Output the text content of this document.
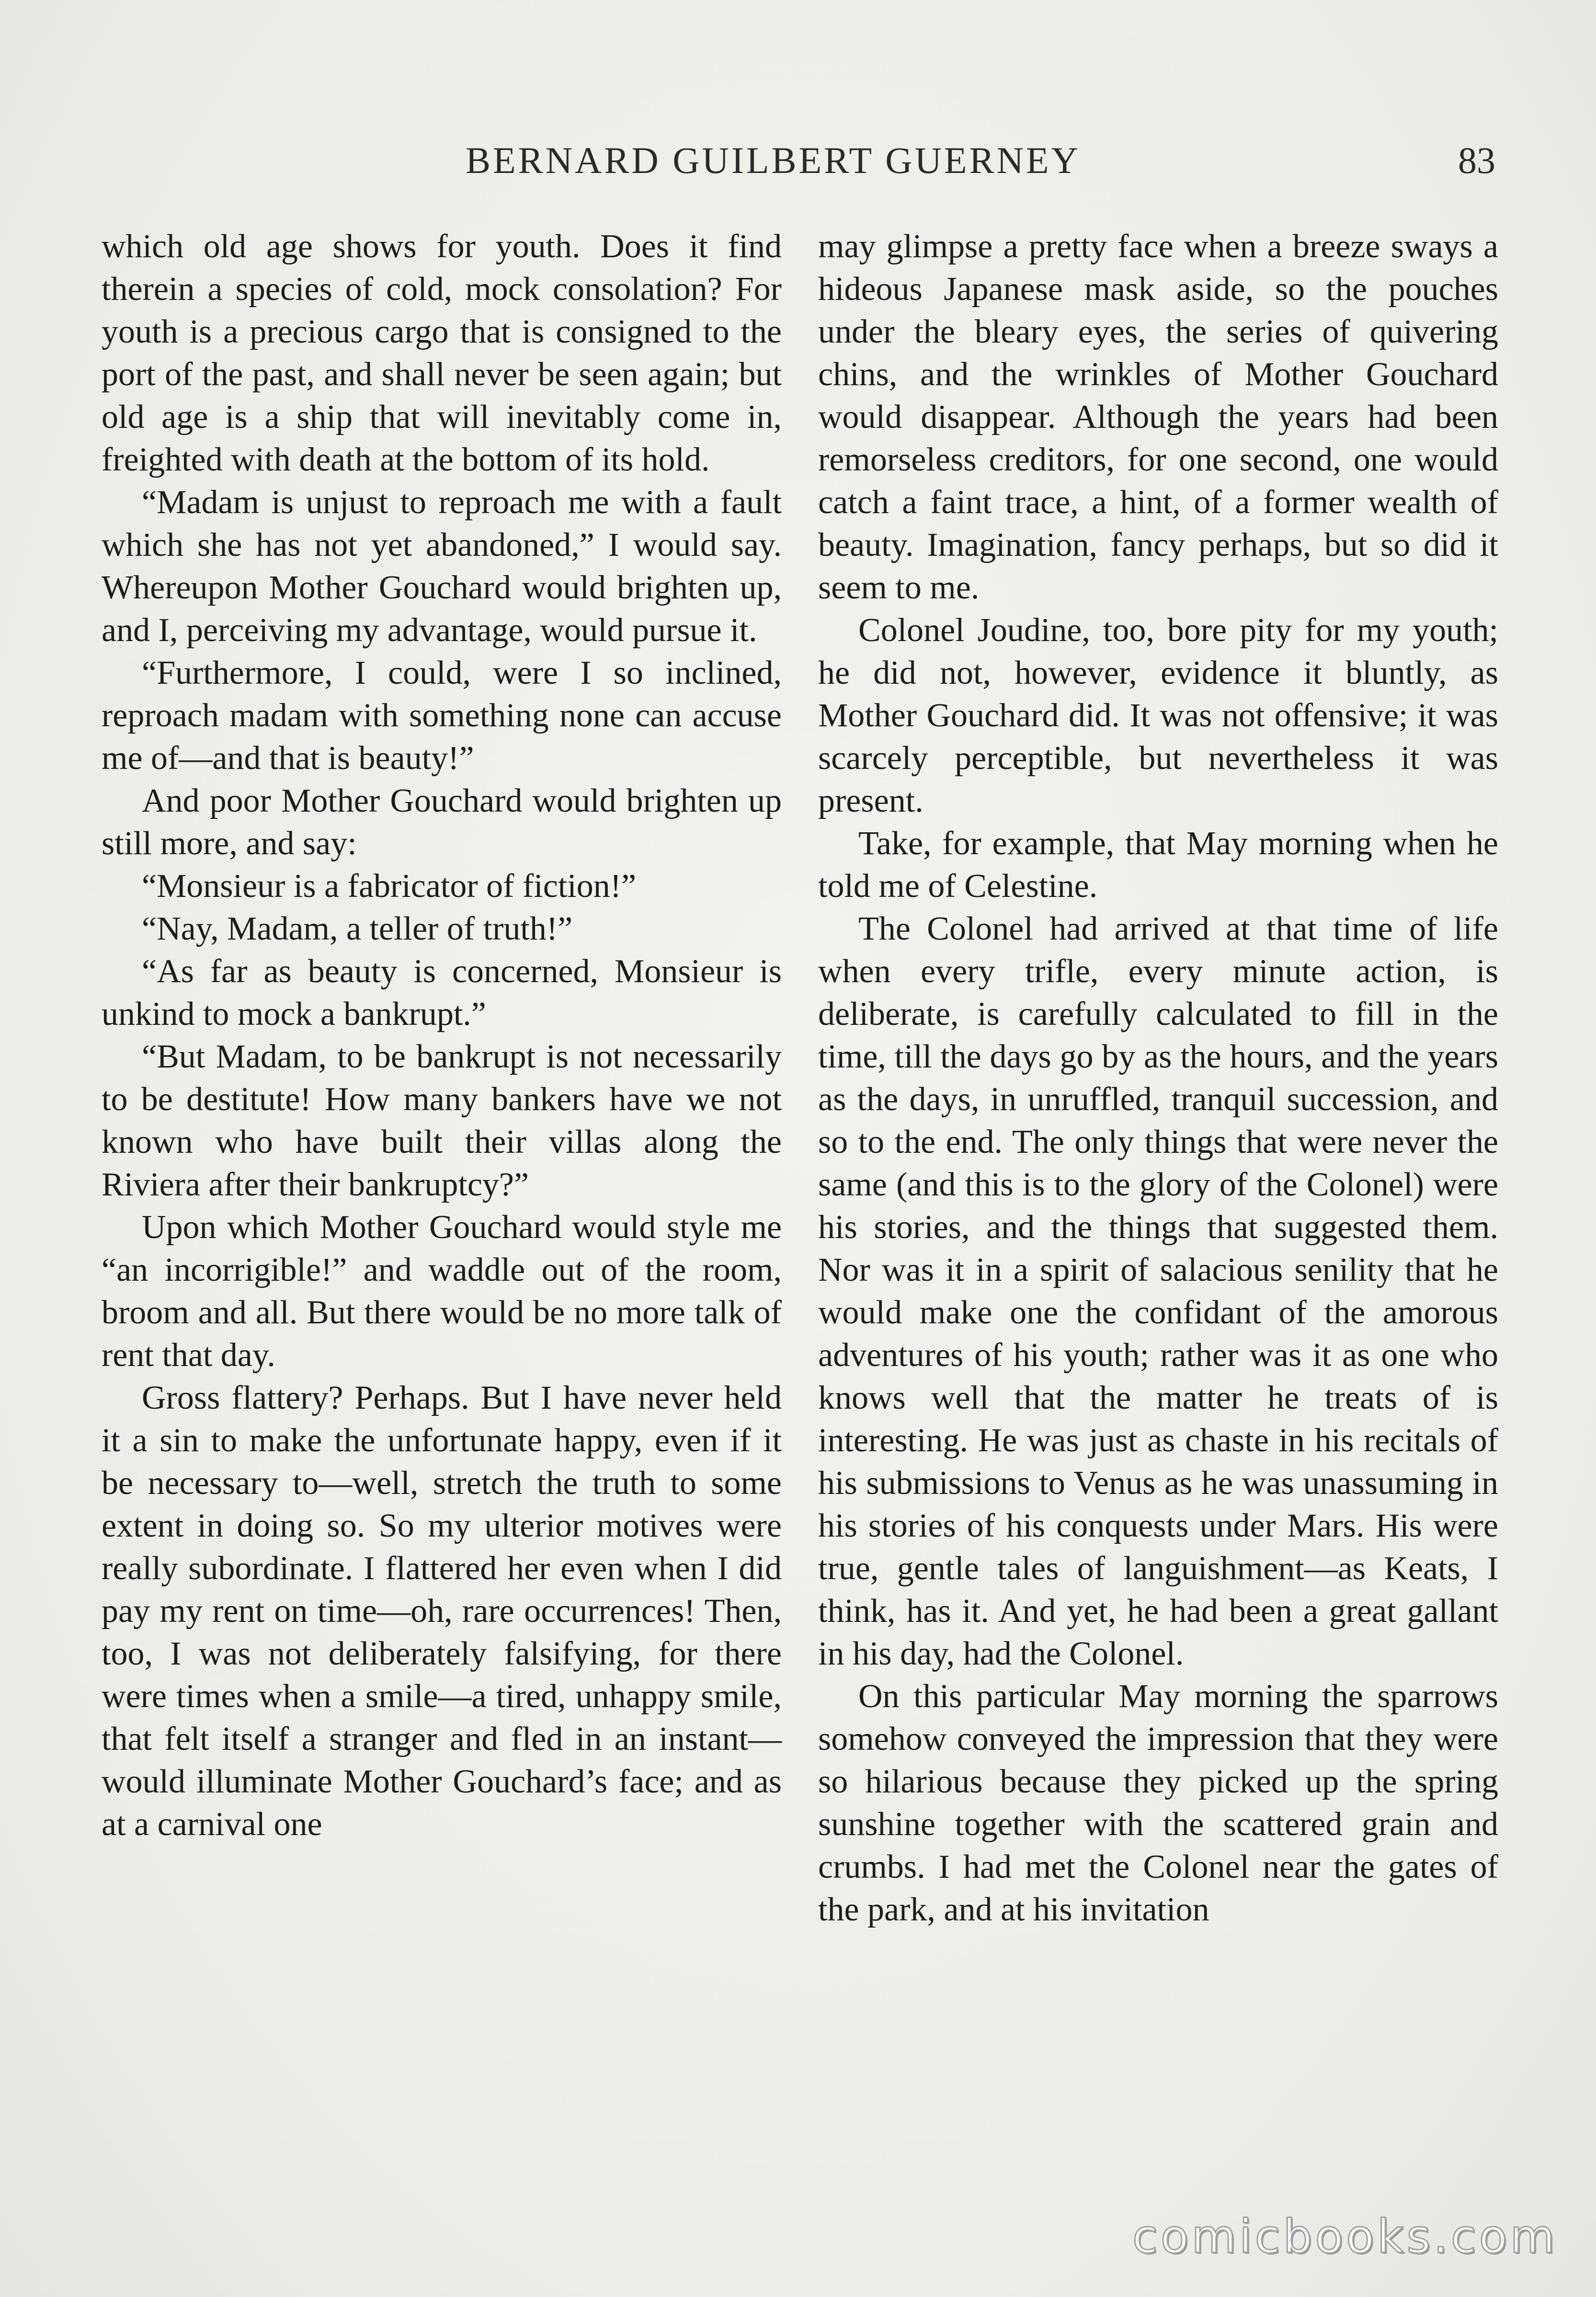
BERNARD GUILBERT GUERNEY	83

which old age shows for youth. Does it find therein a species of cold, mock consolation? For youth is a precious cargo that is consigned to the port of the past, and shall never be seen again; but old age is a ship that will inevitably come in, freighted with death at the bottom of its hold.

“Madam is unjust to reproach me with a fault which she has not yet abandoned,” I would say. Whereupon Mother Gouchard would brighten up, and I, perceiving my advantage, would pursue it.

“Furthermore, I could, were I so inclined, reproach madam with something none can accuse me of—and that is beauty!”

And poor Mother Gouchard would brighten up still more, and say:

“Monsieur is a fabricator of fiction!”

“Nay, Madam, a teller of truth!”

“As far as beauty is concerned, Monsieur is unkind to mock a bankrupt.”

“But Madam, to be bankrupt is not necessarily to be destitute! How many bankers have we not known who have built their villas along the Riviera after their bankruptcy?”

Upon which Mother Gouchard would style me “an incorrigible!” and waddle out of the room, broom and all. But there would be no more talk of rent that day.

Gross flattery? Perhaps. But I have never held it a sin to make the unfortunate happy, even if it be necessary to—well, stretch the truth to some extent in doing so. So my ulterior motives were really subordinate. I flattered her even when I did pay my rent on time—oh, rare occurrences! Then, too, I was not deliberately falsifying, for there were times when a smile—a tired, unhappy smile, that felt itself a stranger and fled in an instant—would illuminate Mother Gouchard’s face; and as at a carnival one

may glimpse a pretty face when a breeze sways a hideous Japanese mask aside, so the pouches under the bleary eyes, the series of quivering chins, and the wrinkles of Mother Gouchard would disappear. Although the years had been remorseless creditors, for one second, one would catch a faint trace, a hint, of a former wealth of beauty. Imagination, fancy perhaps, but so did it seem to me.

Colonel Joudine, too, bore pity for my youth; he did not, however, evidence it bluntly, as Mother Gouchard did. It was not offensive; it was scarcely perceptible, but nevertheless it was present.

Take, for example, that May morning when he told me of Celestine.

The Colonel had arrived at that time of life when every trifle, every minute action, is deliberate, is carefully calculated to fill in the time, till the days go by as the hours, and the years as the days, in unruffled, tranquil succession, and so to the end. The only things that were never the same (and this is to the glory of the Colonel) were his stories, and the things that suggested them. Nor was it in a spirit of salacious senility that he would make one the confidant of the amorous adventures of his youth; rather was it as one who knows well that the matter he treats of is interesting. He was just as chaste in his recitals of his submissions to Venus as he was unassuming in his stories of his conquests under Mars. His were true, gentle tales of languishment—as Keats, I think, has it. And yet, he had been a great gallant in his day, had the Colonel.

On this particular May morning the sparrows somehow conveyed the impression that they were so hilarious because they picked up the spring sunshine together with the scattered grain and crumbs. I had met the Colonel near the gates of the park, and at his invitation

comicbooks.com
